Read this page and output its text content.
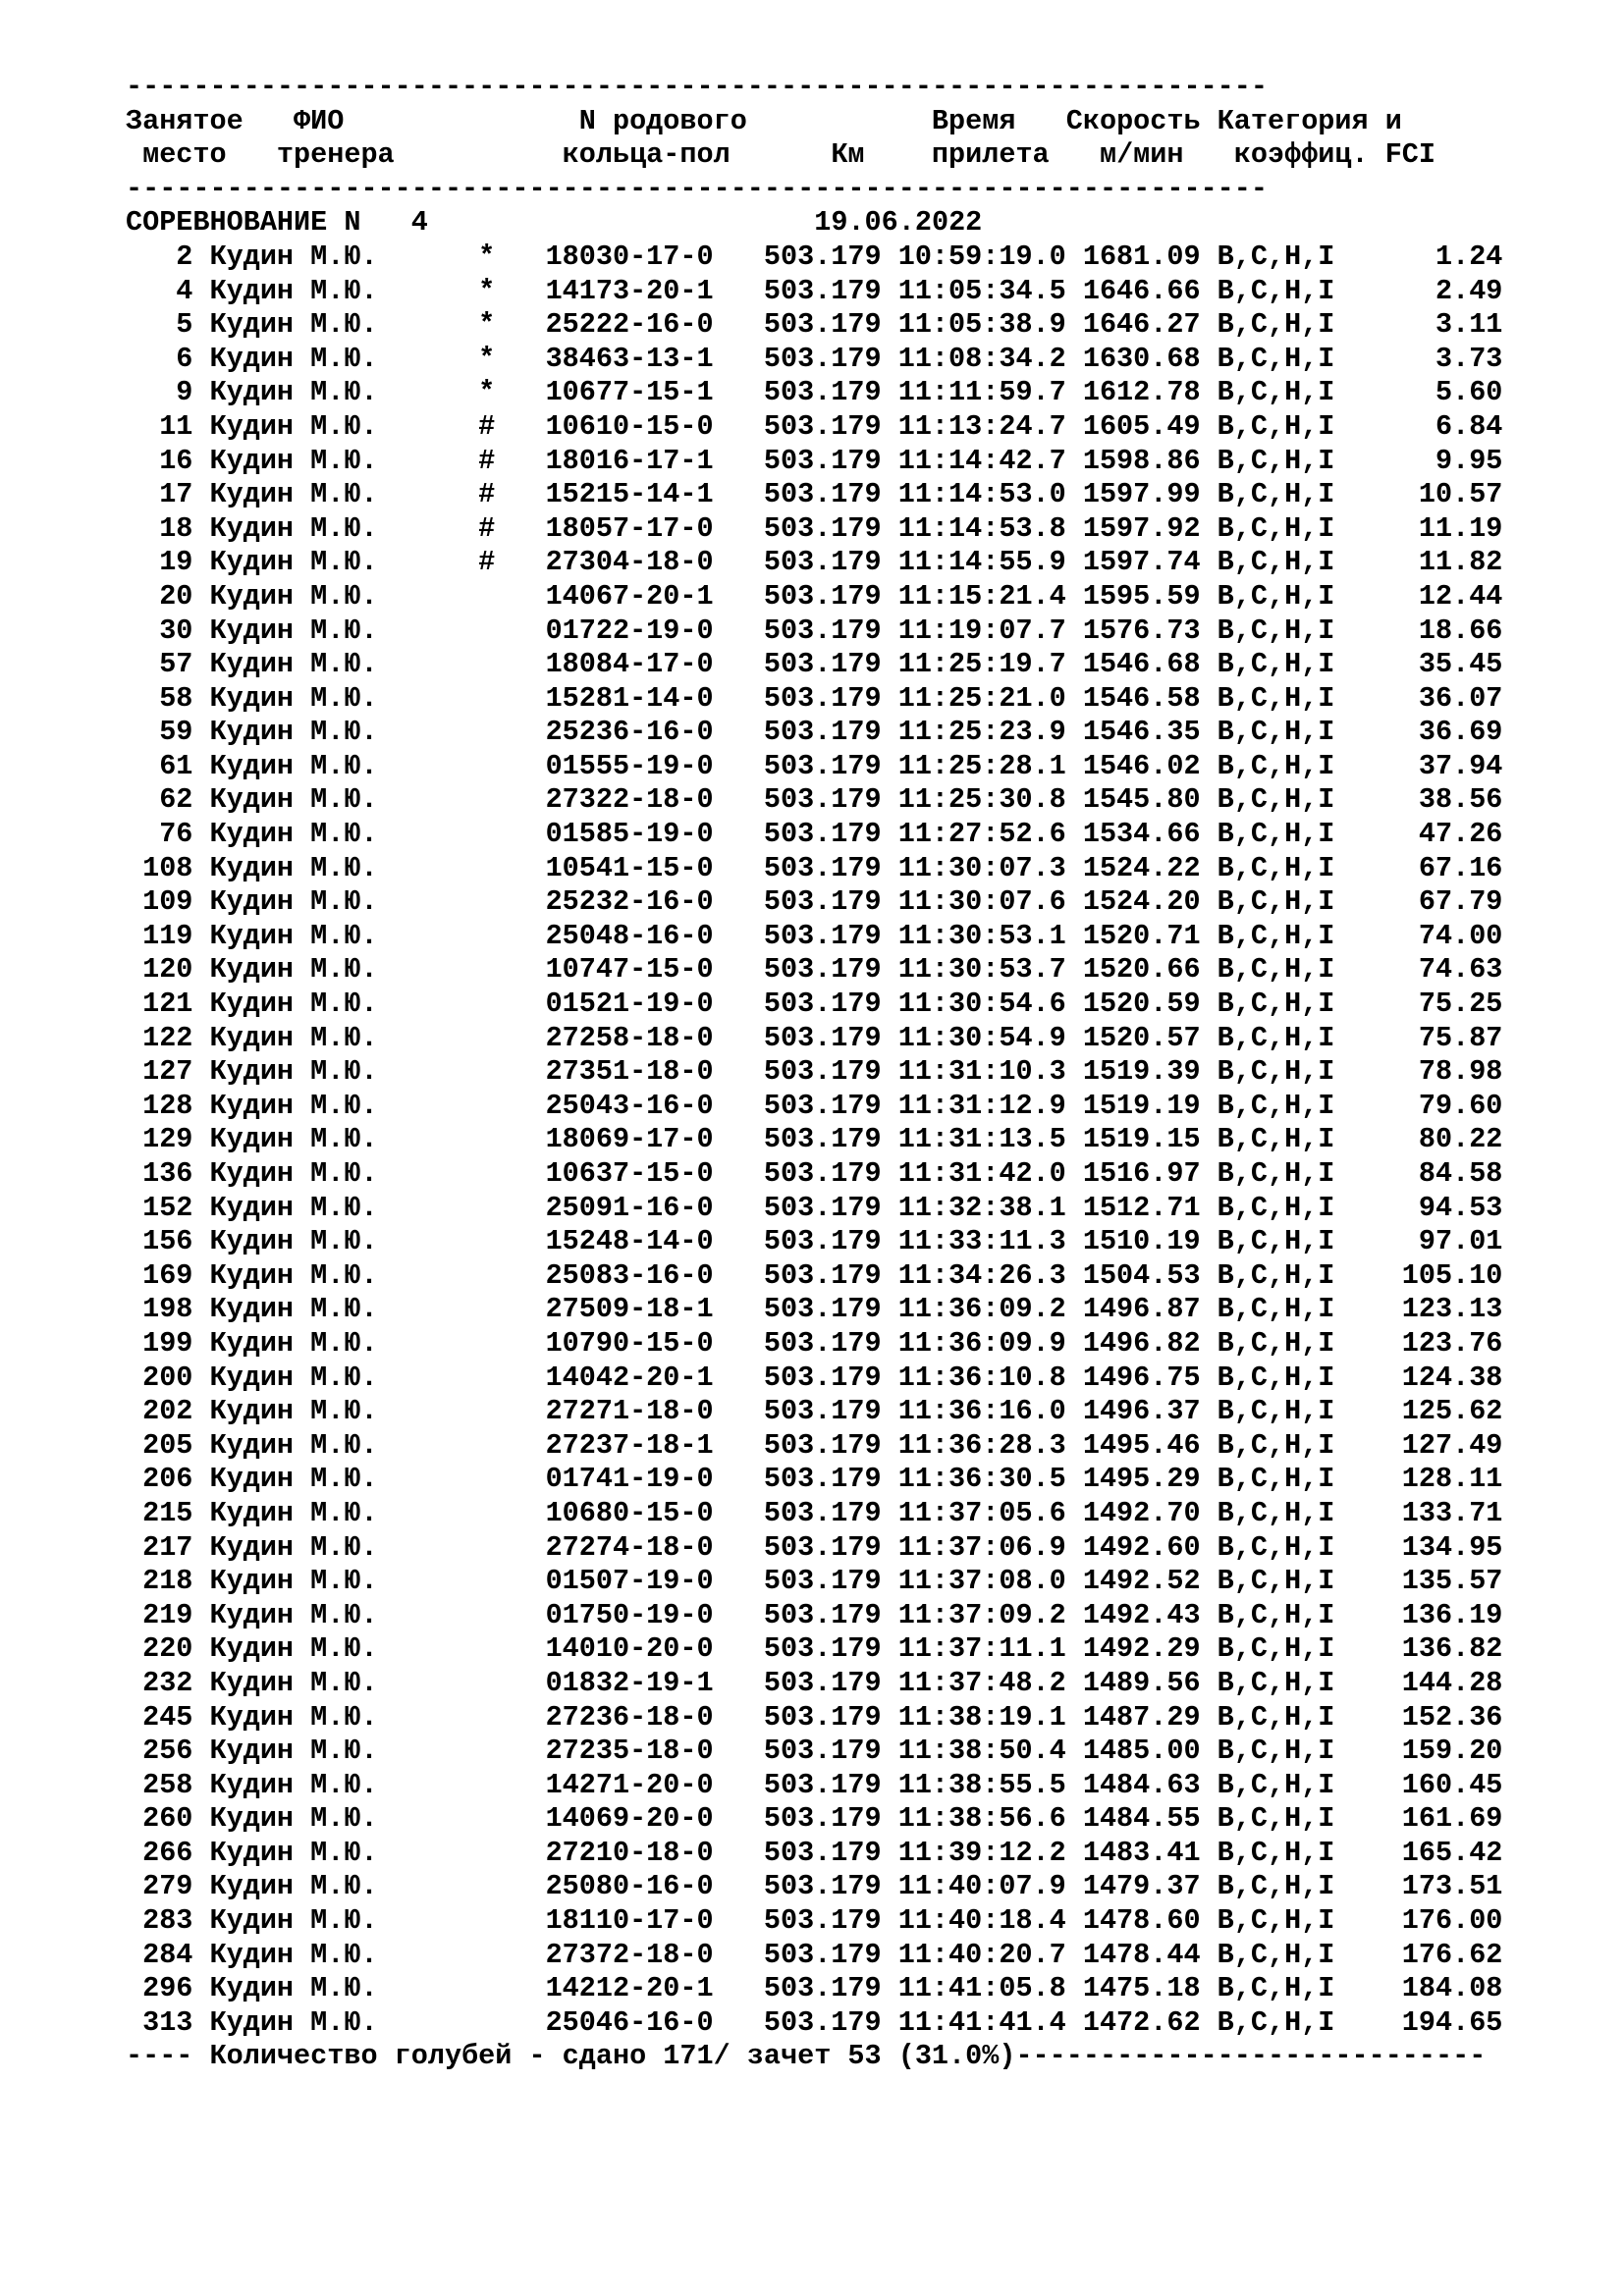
--------------------------------------------------------------------
Занятое   ФИО              N родового           Время   Скорость Категория и
место   тренера          кольца-пол      Км    прилета   м/мин   коэффиц. FCI
--------------------------------------------------------------------
СОРЕВНОВАНИЕ N 4	19.06.2022
2 Кудин М.Ю.	* 18030-17-0 503.179 10:59:19.0 1681.09 B,C,H,I	1.24
4 Кудин М.Ю.	* 14173-20-1 503.179 11:05:34.5 1646.66 B,C,H,I	2.49
5 Кудин М.Ю.	* 25222-16-0 503.179 11:05:38.9 1646.27 B,C,H,I	3.11
6 Кудин М.Ю.	* 38463-13-1 503.179 11:08:34.2 1630.68 B,C,H,I	3.73
9 Кудин М.Ю.	* 10677-15-1 503.179 11:11:59.7 1612.78 B,C,H,I	5.60
11 Кудин М.Ю.	# 10610-15-0 503.179 11:13:24.7 1605.49 B,C,H,I	6.84
16 Кудин М.Ю.	# 18016-17-1 503.179 11:14:42.7 1598.86 B,C,H,I	9.95
17 Кудин М.Ю.	# 15215-14-1 503.179 11:14:53.0 1597.99 B,C,H,I	10.57
18 Кудин М.Ю.	# 18057-17-0 503.179 11:14:53.8 1597.92 B,C,H,I	11.19
19 Кудин М.Ю.	# 27304-18-0 503.179 11:14:55.9 1597.74 B,C,H,I	11.82
20 Кудин М.Ю.	14067-20-1 503.179 11:15:21.4 1595.59 B,C,H,I	12.44
30 Кудин М.Ю.	01722-19-0 503.179 11:19:07.7 1576.73 B,C,H,I	18.66
57 Кудин М.Ю.	18084-17-0 503.179 11:25:19.7 1546.68 B,C,H,I	35.45
58 Кудин М.Ю.	15281-14-0 503.179 11:25:21.0 1546.58 B,C,H,I	36.07
59 Кудин М.Ю.	25236-16-0 503.179 11:25:23.9 1546.35 B,C,H,I	36.69
61 Кудин М.Ю.	01555-19-0 503.179 11:25:28.1 1546.02 B,C,H,I	37.94
62 Кудин М.Ю.	27322-18-0 503.179 11:25:30.8 1545.80 B,C,H,I	38.56
76 Кудин М.Ю.	01585-19-0 503.179 11:27:52.6 1534.66 B,C,H,I	47.26
108 Кудин М.Ю.	10541-15-0 503.179 11:30:07.3 1524.22 B,C,H,I	67.16
109 Кудин М.Ю.	25232-16-0 503.179 11:30:07.6 1524.20 B,C,H,I	67.79
119 Кудин М.Ю.	25048-16-0 503.179 11:30:53.1 1520.71 B,C,H,I	74.00
120 Кудин М.Ю.	10747-15-0 503.179 11:30:53.7 1520.66 B,C,H,I	74.63
121 Кудин М.Ю.	01521-19-0 503.179 11:30:54.6 1520.59 B,C,H,I	75.25
122 Кудин М.Ю.	27258-18-0 503.179 11:30:54.9 1520.57 B,C,H,I	75.87
127 Кудин М.Ю.	27351-18-0 503.179 11:31:10.3 1519.39 B,C,H,I	78.98
128 Кудин М.Ю.	25043-16-0 503.179 11:31:12.9 1519.19 B,C,H,I	79.60
129 Кудин М.Ю.	18069-17-0 503.179 11:31:13.5 1519.15 B,C,H,I	80.22
136 Кудин М.Ю.	10637-15-0 503.179 11:31:42.0 1516.97 B,C,H,I	84.58
152 Кудин М.Ю.	25091-16-0 503.179 11:32:38.1 1512.71 B,C,H,I	94.53
156 Кудин М.Ю.	15248-14-0 503.179 11:33:11.3 1510.19 B,C,H,I	97.01
169 Кудин М.Ю.	25083-16-0 503.179 11:34:26.3 1504.53 B,C,H,I 105.10
198 Кудин М.Ю.	27509-18-1 503.179 11:36:09.2 1496.87 B,C,H,I 123.13
199 Кудин М.Ю.	10790-15-0 503.179 11:36:09.9 1496.82 B,C,H,I 123.76
200 Кудин М.Ю.	14042-20-1 503.179 11:36:10.8 1496.75 B,C,H,I 124.38
202 Кудин М.Ю.	27271-18-0 503.179 11:36:16.0 1496.37 B,C,H,I 125.62
205 Кудин М.Ю.	27237-18-1 503.179 11:36:28.3 1495.46 B,C,H,I 127.49
206 Кудин М.Ю.	01741-19-0 503.179 11:36:30.5 1495.29 B,C,H,I 128.11
215 Кудин М.Ю.	10680-15-0 503.179 11:37:05.6 1492.70 B,C,H,I 133.71
217 Кудин М.Ю.	27274-18-0 503.179 11:37:06.9 1492.60 B,C,H,I 134.95
218 Кудин М.Ю.	01507-19-0 503.179 11:37:08.0 1492.52 B,C,H,I 135.57
219 Кудин М.Ю.	01750-19-0 503.179 11:37:09.2 1492.43 B,C,H,I 136.19
220 Кудин М.Ю.	14010-20-0 503.179 11:37:11.1 1492.29 B,C,H,I 136.82
232 Кудин М.Ю.	01832-19-1 503.179 11:37:48.2 1489.56 B,C,H,I 144.28
245 Кудин М.Ю.	27236-18-0 503.179 11:38:19.1 1487.29 B,C,H,I 152.36
256 Кудин М.Ю.	27235-18-0 503.179 11:38:50.4 1485.00 B,C,H,I 159.20
258 Кудин М.Ю.	14271-20-0 503.179 11:38:55.5 1484.63 B,C,H,I 160.45
260 Кудин М.Ю.	14069-20-0 503.179 11:38:56.6 1484.55 B,C,H,I 161.69
266 Кудин М.Ю.	27210-18-0 503.179 11:39:12.2 1483.41 B,C,H,I 165.42
279 Кудин М.Ю.	25080-16-0 503.179 11:40:07.9 1479.37 B,C,H,I 173.51
283 Кудин М.Ю.	18110-17-0 503.179 11:40:18.4 1478.60 B,C,H,I 176.00
284 Кудин М.Ю.	27372-18-0 503.179 11:40:20.7 1478.44 B,C,H,I 176.62
296 Кудин М.Ю.	14212-20-1 503.179 11:41:05.8 1475.18 B,C,H,I 184.08
313 Кудин М.Ю.	25046-16-0 503.179 11:41:41.4 1472.62 B,C,H,I 194.65
---- Количество голубей - сдано 171/ зачет 53 (31.0%)----------------------------
